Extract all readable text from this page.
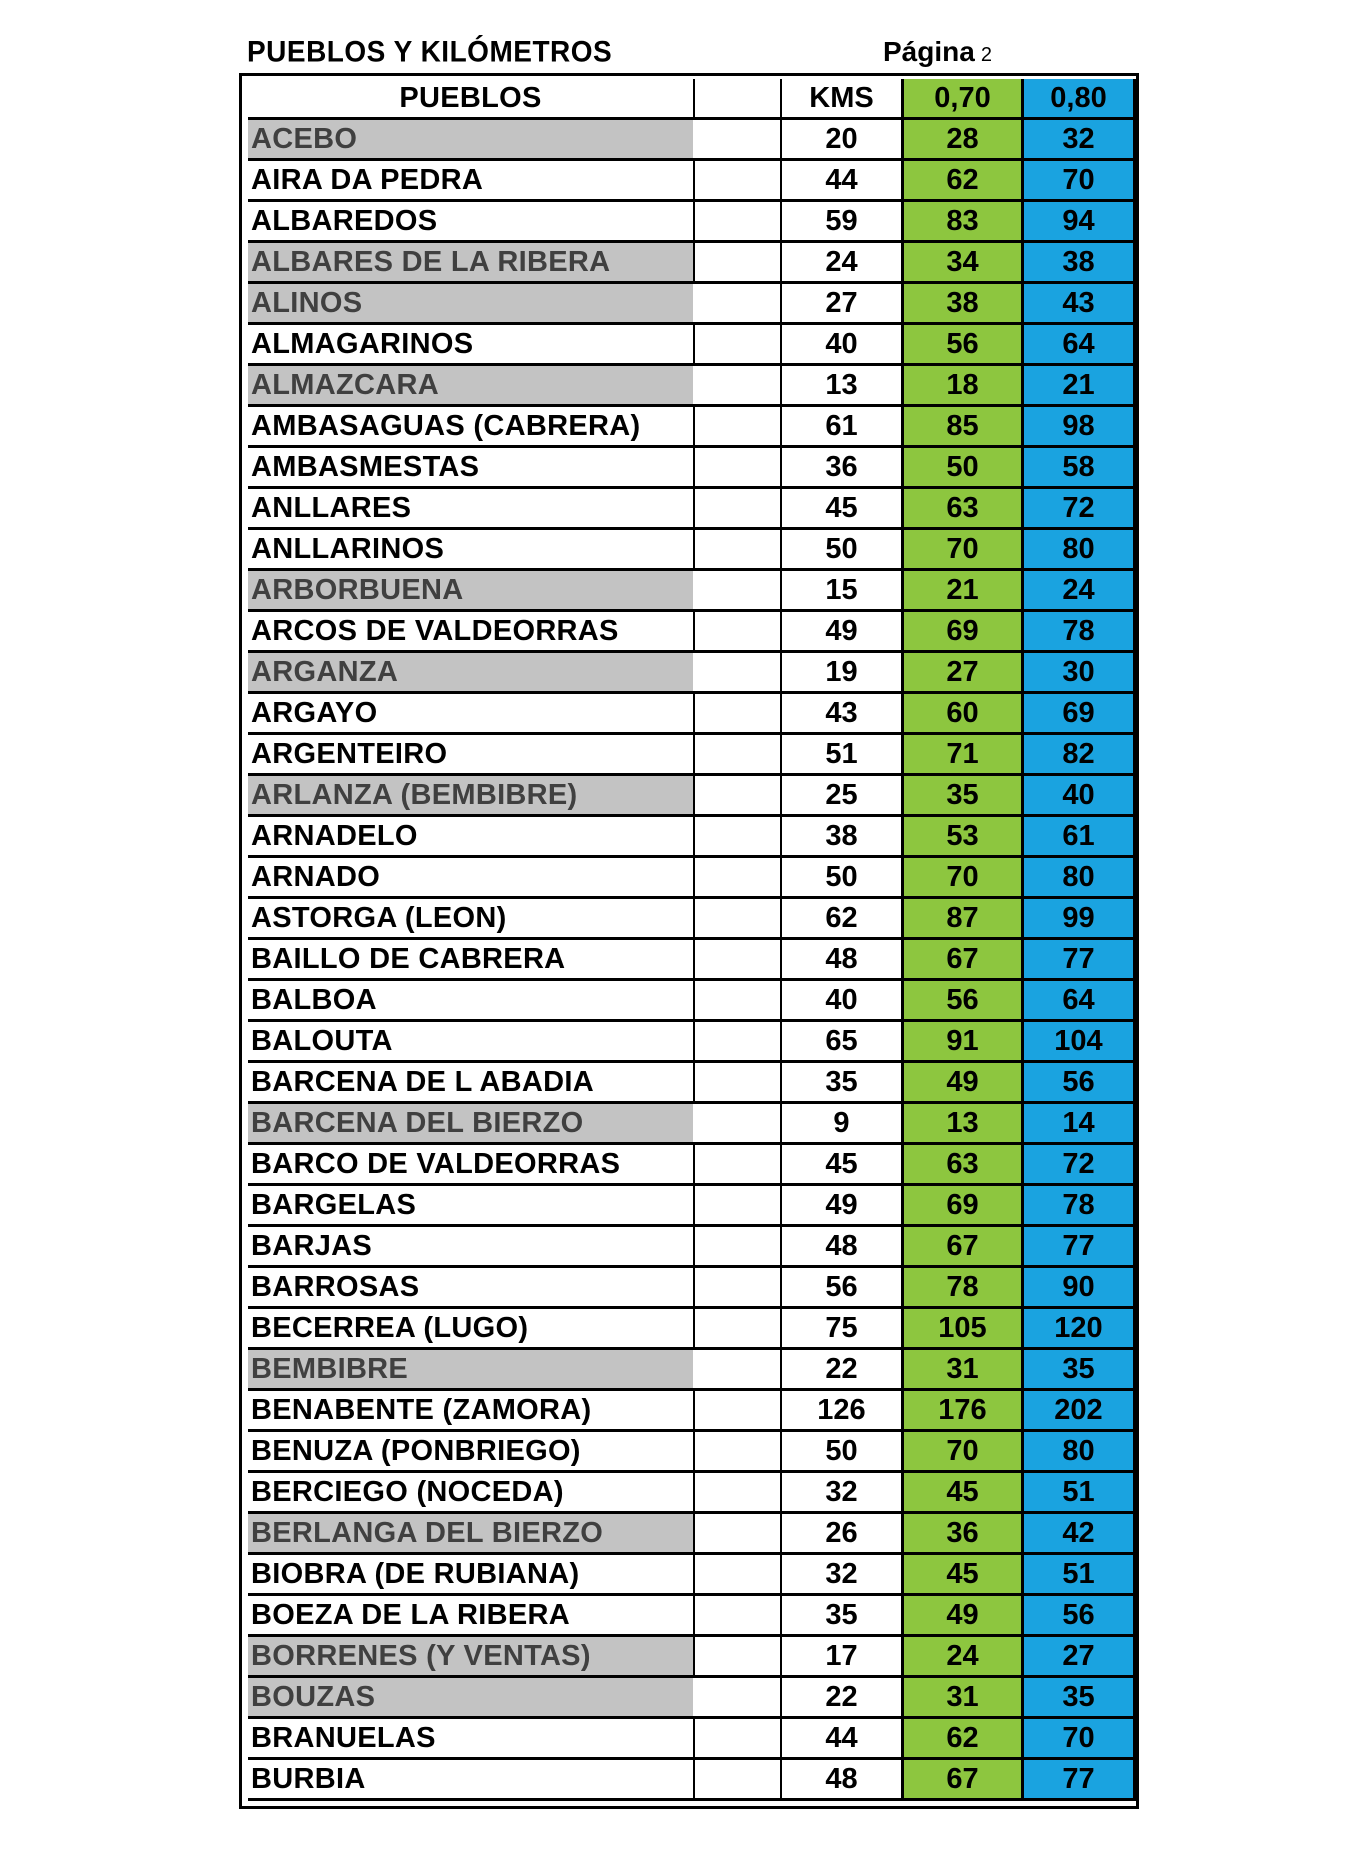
PUEBLOS Y KILÓMETROS	Página 2
PUEBLOS	KMS	0,70	0,80
ACEBO	20	28	32
AIRA DA PEDRA	44	62	70
ALBAREDOS	59	83	94
ALBARES DE LA RIBERA	24	34	38
ALINOS	27	38	43
ALMAGARINOS	40	56	64
ALMAZCARA	13	18	21
AMBASAGUAS (CABRERA)	61	85	98
AMBASMESTAS	36	50	58
ANLLARES	45	63	72
ANLLARINOS	50	70	80
ARBORBUENA	15	21	24
ARCOS DE VALDEORRAS	49	69	78
ARGANZA	19	27	30
ARGAYO	43	60	69
ARGENTEIRO	51	71	82
ARLANZA (BEMBIBRE)	25	35	40
ARNADELO	38	53	61
ARNADO	50	70	80
ASTORGA (LEON)	62	87	99
BAILLO DE CABRERA	48	67	77
BALBOA	40	56	64
BALOUTA	65	91	104
BARCENA DE L ABADIA	35	49	56
BARCENA DEL BIERZO	9	13	14
BARCO DE VALDEORRAS	45	63	72
BARGELAS	49	69	78
BARJAS	48	67	77
BARROSAS	56	78	90
BECERREA (LUGO)	75	105	120
BEMBIBRE	22	31	35
BENABENTE (ZAMORA)	126	176	202
BENUZA (PONBRIEGO)	50	70	80
BERCIEGO (NOCEDA)	32	45	51
BERLANGA DEL BIERZO	26	36	42
BIOBRA (DE RUBIANA)	32	45	51
BOEZA DE LA RIBERA	35	49	56
BORRENES (Y VENTAS)	17	24	27
BOUZAS	22	31	35
BRANUELAS	44	62	70
BURBIA	48	67	77
